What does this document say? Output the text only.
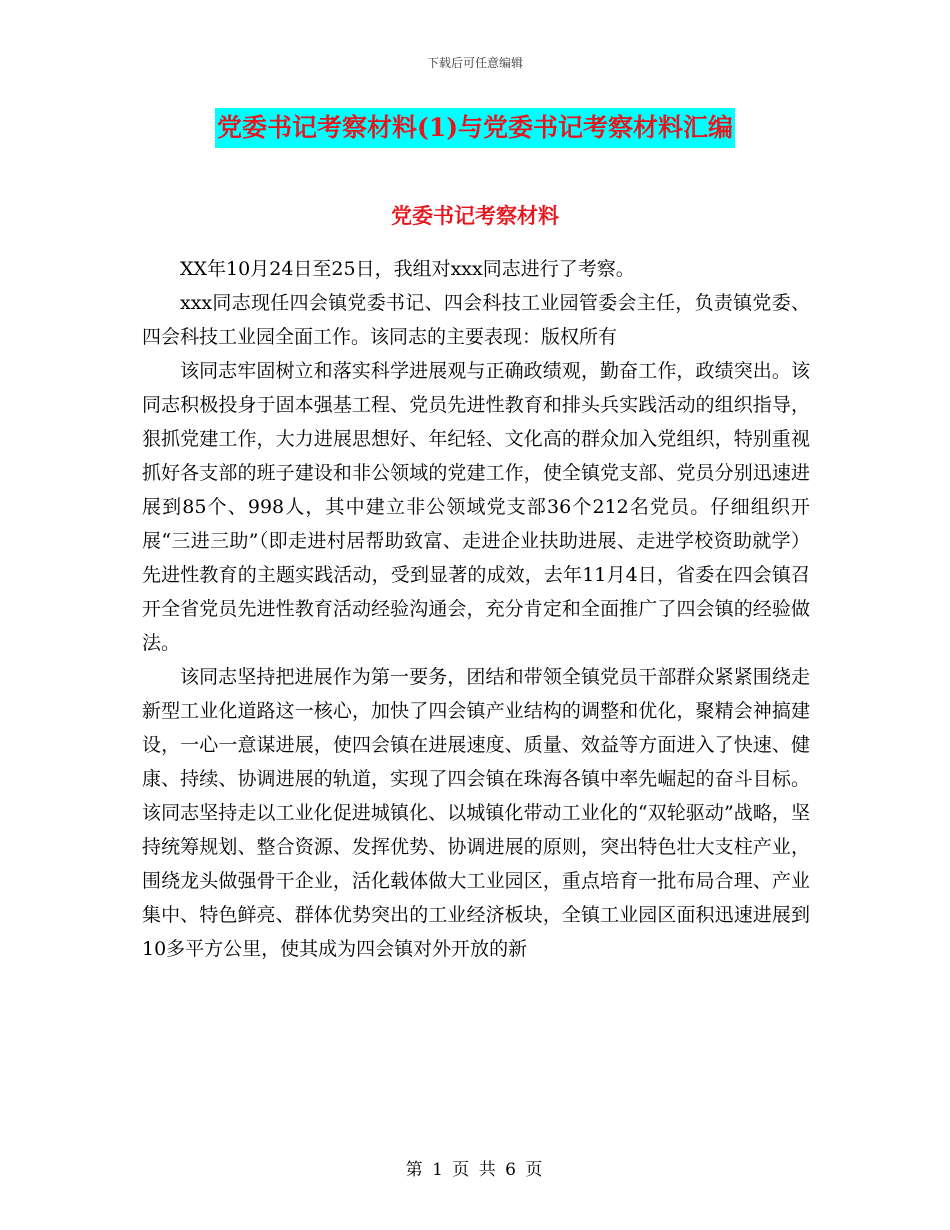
下载后可任意编辑
党委书记考察材料(1)与党委书记考察材料汇编
党委书记考察材料

XX年10月24日至25日，我组对xxx同志进行了考察。

xxx同志现任四会镇党委书记、四会科技工业园管委会主任，负责镇党委、四会科技工业园全面工作。该同志的主要表现：版权所有

该同志牢固树立和落实科学进展观与正确政绩观，勤奋工作，政绩突出。该同志积极投身于固本强基工程、党员先进性教育和排头兵实践活动的组织指导，狠抓党建工作，大力进展思想好、年纪轻、文化高的群众加入党组织，特别重视抓好各支部的班子建设和非公领域的党建工作，使全镇党支部、党员分别迅速进展到85个、998人，其中建立非公领域党支部36个212名党员。仔细组织开展“三进三助”（即走进村居帮助致富、走进企业扶助进展、走进学校资助就学）先进性教育的主题实践活动，受到显著的成效，去年11月4日，省委在四会镇召开全省党员先进性教育活动经验沟通会，充分肯定和全面推广了四会镇的经验做法。

该同志坚持把进展作为第一要务，团结和带领全镇党员干部群众紧紧围绕走新型工业化道路这一核心，加快了四会镇产业结构的调整和优化，聚精会神搞建设，一心一意谋进展，使四会镇在进展速度、质量、效益等方面进入了快速、健康、持续、协调进展的轨道，实现了四会镇在珠海各镇中率先崛起的奋斗目标。该同志坚持走以工业化促进城镇化、以城镇化带动工业化的“双轮驱动”战略，坚持统筹规划、整合资源、发挥优势、协调进展的原则，突出特色壮大支柱产业，围绕龙头做强骨干企业，活化载体做大工业园区，重点培育一批布局合理、产业集中、特色鲜亮、群体优势突出的工业经济板块，全镇工业园区面积迅速进展到10多平方公里，使其成为四会镇对外开放的新

第 1 页 共 6 页
